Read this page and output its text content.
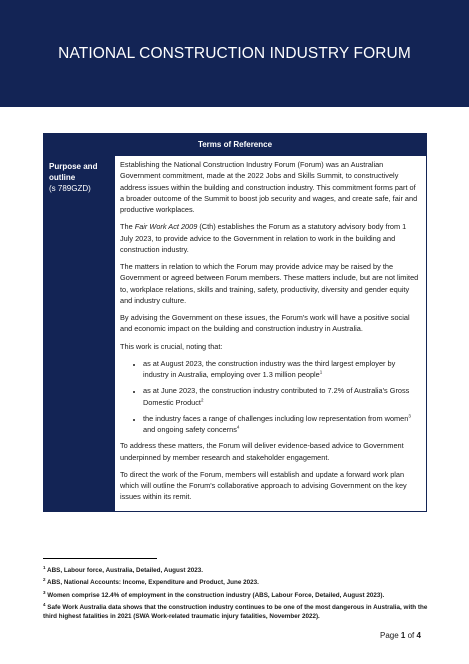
NATIONAL CONSTRUCTION INDUSTRY FORUM
Terms of Reference
Purpose and outline
(s 789GZD)

Establishing the National Construction Industry Forum (Forum) was an Australian Government commitment, made at the 2022 Jobs and Skills Summit, to constructively address issues within the building and construction industry. This commitment forms part of a broader outcome of the Summit to boost job security and wages, and create safe, fair and productive workplaces.

The Fair Work Act 2009 (Cth) establishes the Forum as a statutory advisory body from 1 July 2023, to provide advice to the Government in relation to work in the building and construction industry.

The matters in relation to which the Forum may provide advice may be raised by the Government or agreed between Forum members. These matters include, but are not limited to, workplace relations, skills and training, safety, productivity, diversity and gender equity and industry culture.

By advising the Government on these issues, the Forum's work will have a positive social and economic impact on the building and construction industry in Australia.

This work is crucial, noting that:

• as at August 2023, the construction industry was the third largest employer by industry in Australia, employing over 1.3 million people$^1$
• as at June 2023, the construction industry contributed to 7.2% of Australia's Gross Domestic Product$^2$
• the industry faces a range of challenges including low representation from women$^3$ and ongoing safety concerns$^4$

To address these matters, the Forum will deliver evidence-based advice to Government underpinned by member research and stakeholder engagement.

To direct the work of the Forum, members will establish and update a forward work plan which will outline the Forum's collaborative approach to advising Government on the key issues within its remit.

$^1$ ABS, Labour force, Australia, Detailed, August 2023.
$^2$ ABS, National Accounts: Income, Expenditure and Product, June 2023.
$^3$ Women comprise 12.4% of employment in the construction industry (ABS, Labour Force, Detailed, August 2023).
$^4$ Safe Work Australia data shows that the construction industry continues to be one of the most dangerous in Australia, with the third highest fatalities in 2021 (SWA Work-related traumatic injury fatalities, November 2022).
Page 1 of 4
